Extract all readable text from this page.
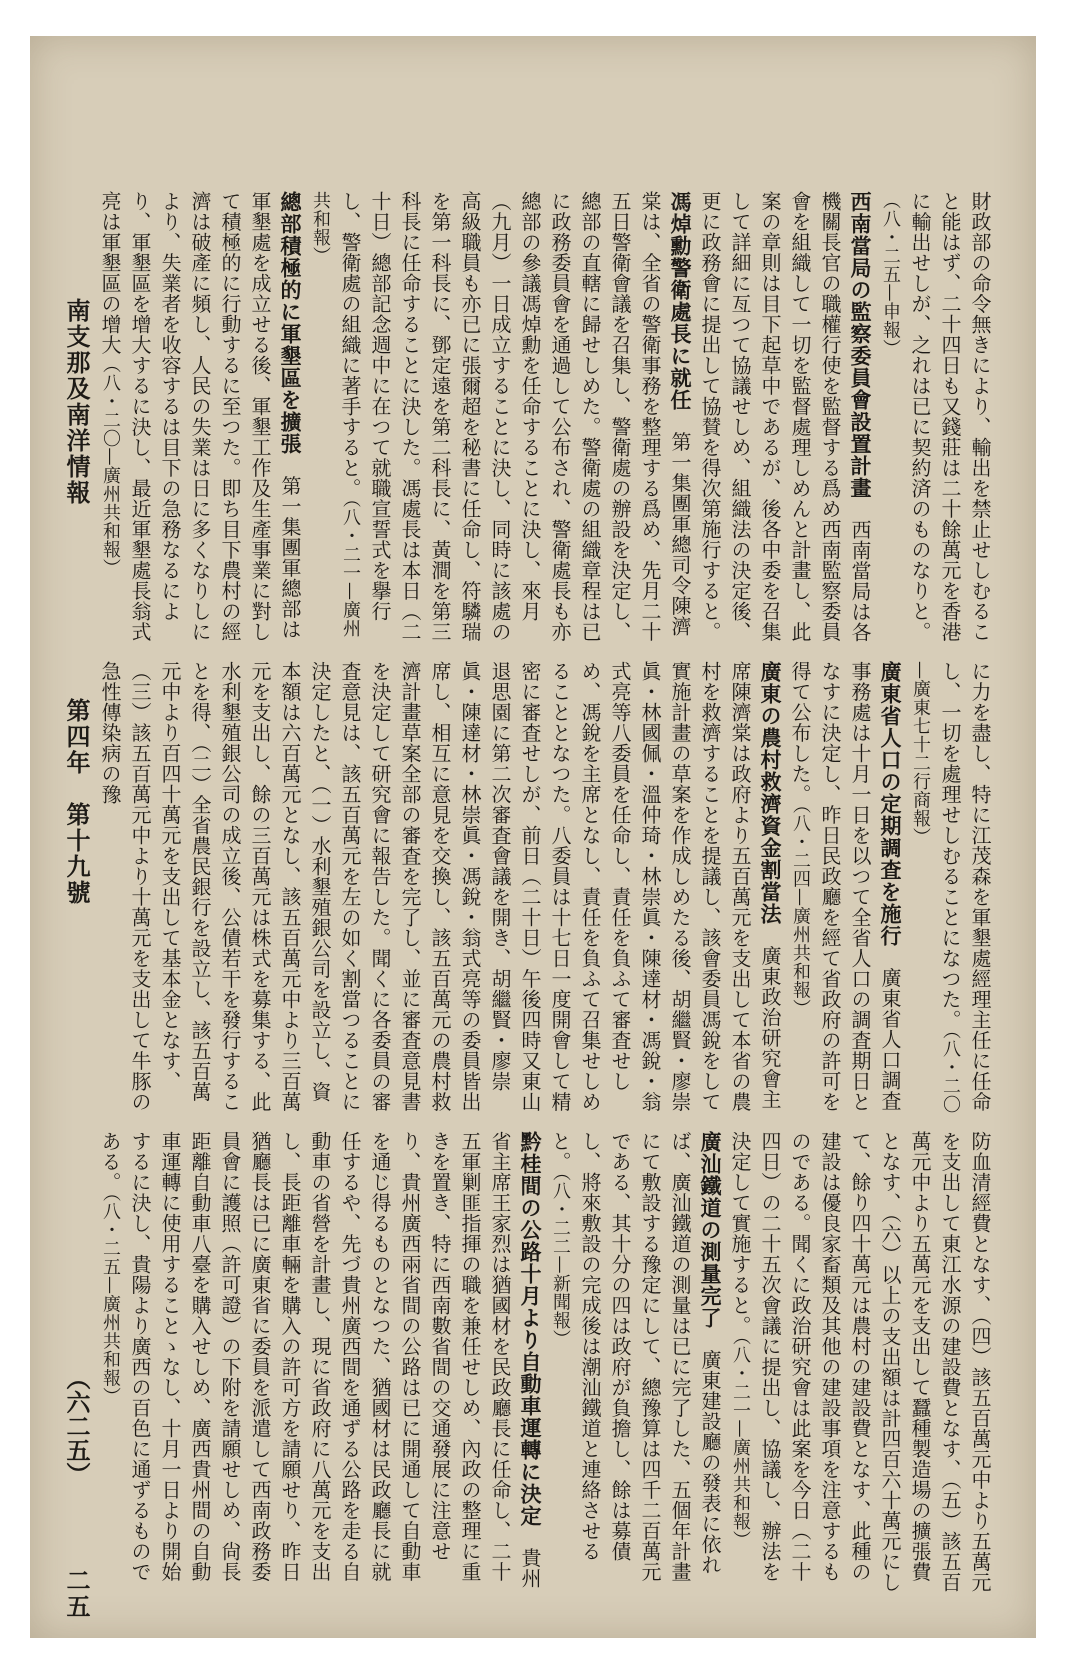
南支那及南洋情報
第四年　第十九號
二五
財政部の命令無きにより、輸出を禁止せしむること能はず、二十四日も又錢莊は二十餘萬元を香港に輸出せしが、之れは已に契約済のものなりと。（八・二五—申報）
西南當局の監察委員會設置計畫　西南當局は各機關長官の職權行使を監督する爲め西南監察委員會を組織して一切を監督處理しめんと計畫し、此案の章則は目下起草中であるが、後各中委を召集して詳細に亙つて協議せしめ、組織法の決定後、更に政務會に提出して協賛を得次第施行すると。
馮焯勳警衛處長に就任　第一集團軍總司令陳濟棠は、全省の警衛事務を整理する爲め、先月二十五日警衛會議を召集し、警衛處の辦設を決定し、總部の直轄に歸せしめた。警衛處の組織章程は已に政務委員會を通過して公布され、警衛處長も亦總部の參議馮焯勳を任命することに決し、來月（九月）一日成立することに決し、同時に該處の高級職員も亦已に張爾超を秘書に任命し、符驎瑞を第一科長に、鄧定遠を第二科長に、黃澗を第三科長に任命することに決した。馮處長は本日（二十日）總部記念週中に在つて就職宣誓式を擧行し、警衛處の組織に著手すると。（八・二一—廣州共和報）
總部積極的に軍墾區を擴張　第一集團軍總部は軍墾處を成立せる後、軍墾工作及生產事業に對して積極的に行動するに至つた。即ち目下農村の經濟は破產に頻し、人民の失業は日に多くなりしにより、失業者を收容するは目下の急務なるにより、軍墾區を增大するに決し、最近軍墾處長翁式亮は軍墾區の增大（八・二〇—廣州共和報）
に力を盡し、特に江茂森を軍墾處經理主任に任命し、一切を處理せしむることになつた。（八・二〇—廣東七十二行商報）
廣東省人口の定期調査を施行　廣東省人口調査事務處は十月一日を以つて全省人口の調査期日となすに決定し、昨日民政廳を經て省政府の許可を得て公布した。（八・二四—廣州共和報）
廣東の農村救濟資金割當法　廣東政治研究會主席陳濟棠は政府より五百萬元を支出して本省の農村を救濟することを提議し、該會委員馮銳をして實施計畫の草案を作成しめたる後、胡繼賢・廖崇眞・林國佩・溫仲琦・林崇眞・陳達材・馮銳・翁式亮等八委員を任命し、責任を負ふて審査せしめ、馮銳を主席となし、責任を負ふて召集せしめることとなつた。八委員は十七日一度開會して精密に審査せしが、前日（二十日）午後四時又東山退思園に第二次審査會議を開き、胡繼賢・廖崇眞・陳達材・林崇眞・馮銳・翁式亮等の委員皆出席し、相互に意見を交換し、該五百萬元の農村救濟計畫草案全部の審査を完了し、並に審査意見書を決定して研究會に報告した。聞くに各委員の審査意見は、該五百萬元を左の如く割當つることに決定したと、（一）水利墾殖銀公司を設立し、資本額は六百萬元となし、該五百萬元中より三百萬元を支出し、餘の三百萬元は株式を募集する、此水利墾殖銀公司の成立後、公債若干を發行することを得、（二）全省農民銀行を設立し、該五百萬元中より百四十萬元を支出して基本金となす、（三）該五百萬元中より十萬元を支出して牛豚の急性傳染病の豫
防血清經費となす、（四）該五百萬元中より五萬元を支出して東江水源の建設費となす、（五）該五百萬元中より五萬元を支出して蠶種製造場の擴張費となす、（六）以上の支出額は計四百六十萬元にして、餘り四十萬元は農村の建設費となす、此種の建設は優良家畜類及其他の建設事項を注意するものである。聞くに政治研究會は此案を今日（二十四日）の二十五次會議に提出し、協議し、辦法を決定して實施すると。（八・二一—廣州共和報）
廣汕鐵道の測量完了　廣東建設廳の發表に依れば、廣汕鐵道の測量は已に完了した、五個年計畫にて敷設する豫定にして、總豫算は四千二百萬元である、其十分の四は政府が負擔し、餘は募債し、將來敷設の完成後は潮汕鐵道と連絡させると。（八・二二—新聞報）
黔桂間の公路十月より自動車運轉に決定　貴州省主席王家烈は猶國材を民政廳長に任命し、二十五軍剿匪指揮の職を兼任せしめ、內政の整理に重きを置き、特に西南數省間の交通發展に注意せり、貴州廣西兩省間の公路は已に開通して自動車を通じ得るものとなつた、猶國材は民政廳長に就任するや、先づ貴州廣西間を通ずる公路を走る自動車の省營を計畫し、現に省政府に八萬元を支出し、長距離車輛を購入の許可方を請願せり、昨日猶廳長は已に廣東省に委員を派遣して西南政務委員會に護照（許可證）の下附を請願せしめ、尙長距離自動車八臺を購入せしめ、廣西貴州間の自動車運轉に使用することゝなし、十月一日より開始するに決し、貴陽より廣西の百色に通ずるものである。（八・二五—廣州共和報）
（六二五）
